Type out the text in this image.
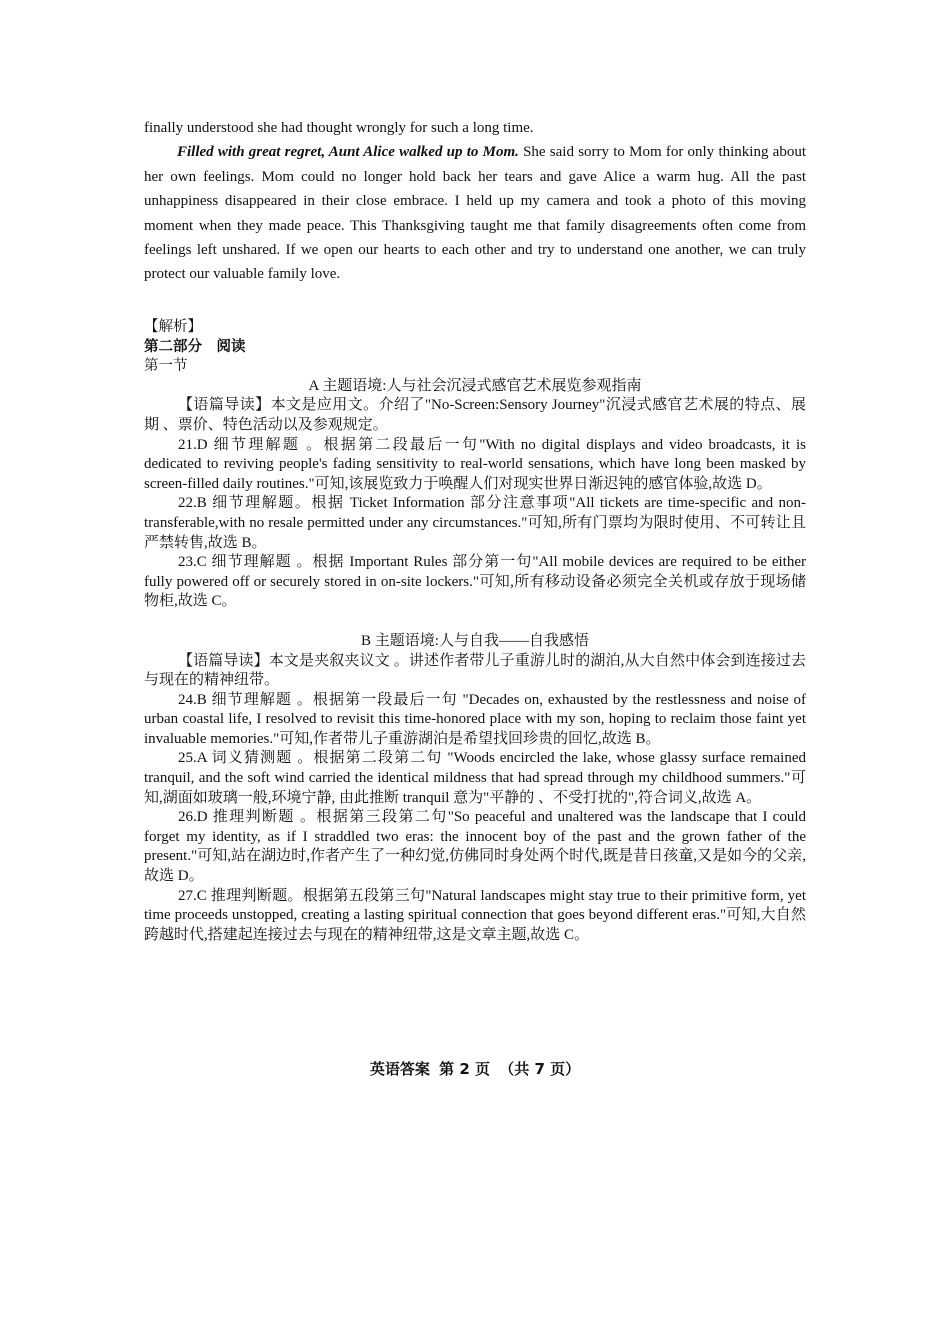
finally understood she had thought wrongly for such a long time.

Filled with great regret, Aunt Alice walked up to Mom. She said sorry to Mom for only thinking about her own feelings. Mom could no longer hold back her tears and gave Alice a warm hug. All the past unhappiness disappeared in their close embrace. I held up my camera and took a photo of this moving moment when they made peace. This Thanksgiving taught me that family disagreements often come from feelings left unshared. If we open our hearts to each other and try to understand one another, we can truly protect our valuable family love.

【解析】

第二部分　阅读

第一节

A 主题语境:人与社会沉浸式感官艺术展览参观指南

【语篇导读】本文是应用文。介绍了"No-Screen:Sensory Journey"沉浸式感官艺术展的特点、展期 、票价、特色活动以及参观规定。

21.D 细节理解题 。根据第二段最后一句"With no digital displays and video broadcasts, it is dedicated to reviving people's fading sensitivity to real-world sensations, which have long been masked by screen-filled daily routines."可知,该展览致力于唤醒人们对现实世界日渐迟钝的感官体验,故选 D。

22.B 细节理解题。根据 Ticket Information 部分注意事项"All tickets are time-specific and non-transferable,with no resale permitted under any circumstances."可知,所有门票均为限时使用、不可转让且严禁转售,故选 B。

23.C 细节理解题 。根据 Important Rules 部分第一句"All mobile devices are required to be either fully powered off or securely stored in on-site lockers."可知,所有移动设备必须完全关机或存放于现场储物柜,故选 C。

B 主题语境:人与自我——自我感悟

【语篇导读】本文是夹叙夹议文 。讲述作者带儿子重游儿时的湖泊,从大自然中体会到连接过去与现在的精神纽带。

24.B 细节理解题 。根据第一段最后一句 "Decades on, exhausted by the restlessness and noise of urban coastal life, I resolved to revisit this time-honored place with my son, hoping to reclaim those faint yet invaluable memories."可知,作者带儿子重游湖泊是希望找回珍贵的回忆,故选 B。

25.A 词义猜测题 。根据第二段第二句 "Woods encircled the lake, whose glassy surface remained tranquil, and the soft wind carried the identical mildness that had spread through my childhood summers."可知,湖面如玻璃一般,环境宁静, 由此推断 tranquil 意为"平静的 、不受打扰的",符合词义,故选 A。

26.D 推理判断题 。根据第三段第二句"So peaceful and unaltered was the landscape that I could forget my identity, as if I straddled two eras: the innocent boy of the past and the grown father of the present."可知,站在湖边时,作者产生了一种幻觉,仿佛同时身处两个时代,既是昔日孩童,又是如今的父亲,故选 D。

27.C 推理判断题。根据第五段第三句"Natural landscapes might stay true to their primitive form, yet time proceeds unstopped, creating a lasting spiritual connection that goes beyond different eras."可知,大自然跨越时代,搭建起连接过去与现在的精神纽带,这是文章主题,故选 C。

英语答案 第 2 页 （共 7 页）
